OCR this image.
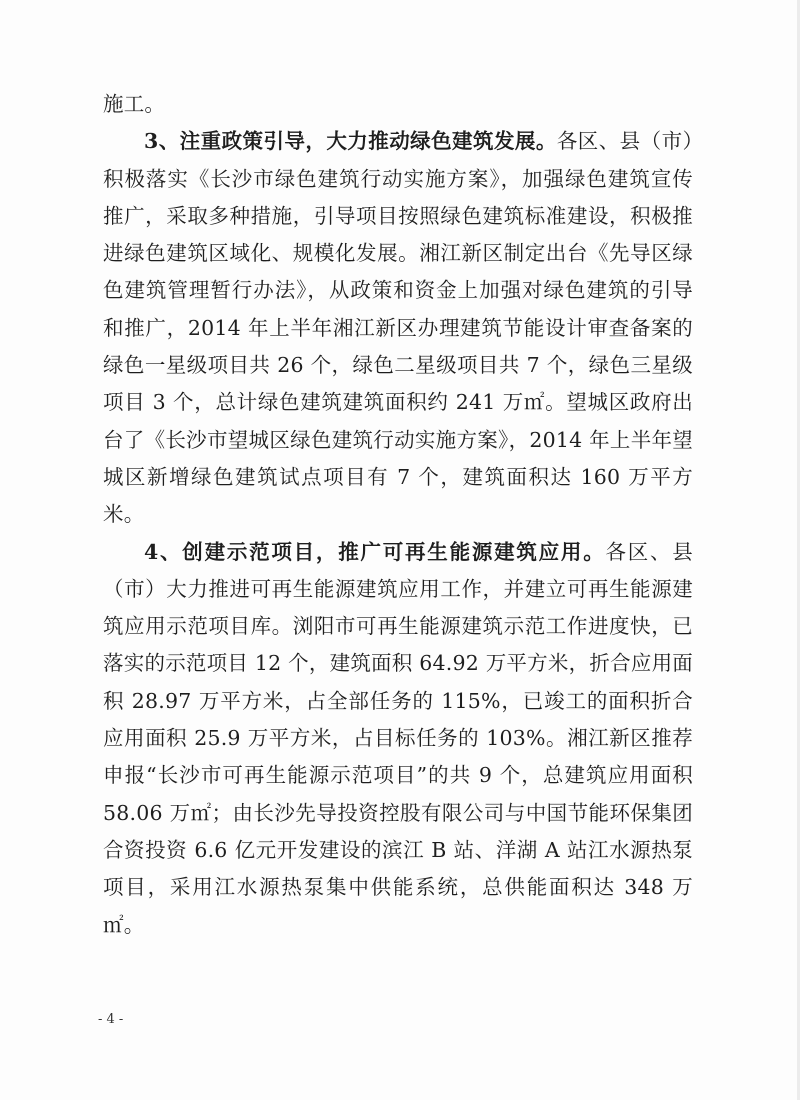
施工。

3、注重政策引导，大力推动绿色建筑发展。各区、县（市）积极落实《长沙市绿色建筑行动实施方案》，加强绿色建筑宣传推广，采取多种措施，引导项目按照绿色建筑标准建设，积极推进绿色建筑区域化、规模化发展。湘江新区制定出台《先导区绿色建筑管理暂行办法》，从政策和资金上加强对绿色建筑的引导和推广，2014 年上半年湘江新区办理建筑节能设计审查备案的绿色一星级项目共 26 个，绿色二星级项目共 7 个，绿色三星级项目 3 个，总计绿色建筑建筑面积约 241 万㎡。望城区政府出台了《长沙市望城区绿色建筑行动实施方案》，2014 年上半年望城区新增绿色建筑试点项目有 7 个，建筑面积达 160 万平方米。

4、创建示范项目，推广可再生能源建筑应用。各区、县（市）大力推进可再生能源建筑应用工作，并建立可再生能源建筑应用示范项目库。浏阳市可再生能源建筑示范工作进度快，已落实的示范项目 12 个，建筑面积 64.92 万平方米，折合应用面积 28.97 万平方米，占全部任务的 115%，已竣工的面积折合应用面积 25.9 万平方米，占目标任务的 103%。湘江新区推荐申报“长沙市可再生能源示范项目”的共 9 个，总建筑应用面积 58.06 万㎡；由长沙先导投资控股有限公司与中国节能环保集团合资投资 6.6 亿元开发建设的滨江 B 站、洋湖 A 站江水源热泵项目，采用江水源热泵集中供能系统，总供能面积达 348 万㎡。

- 4 -
